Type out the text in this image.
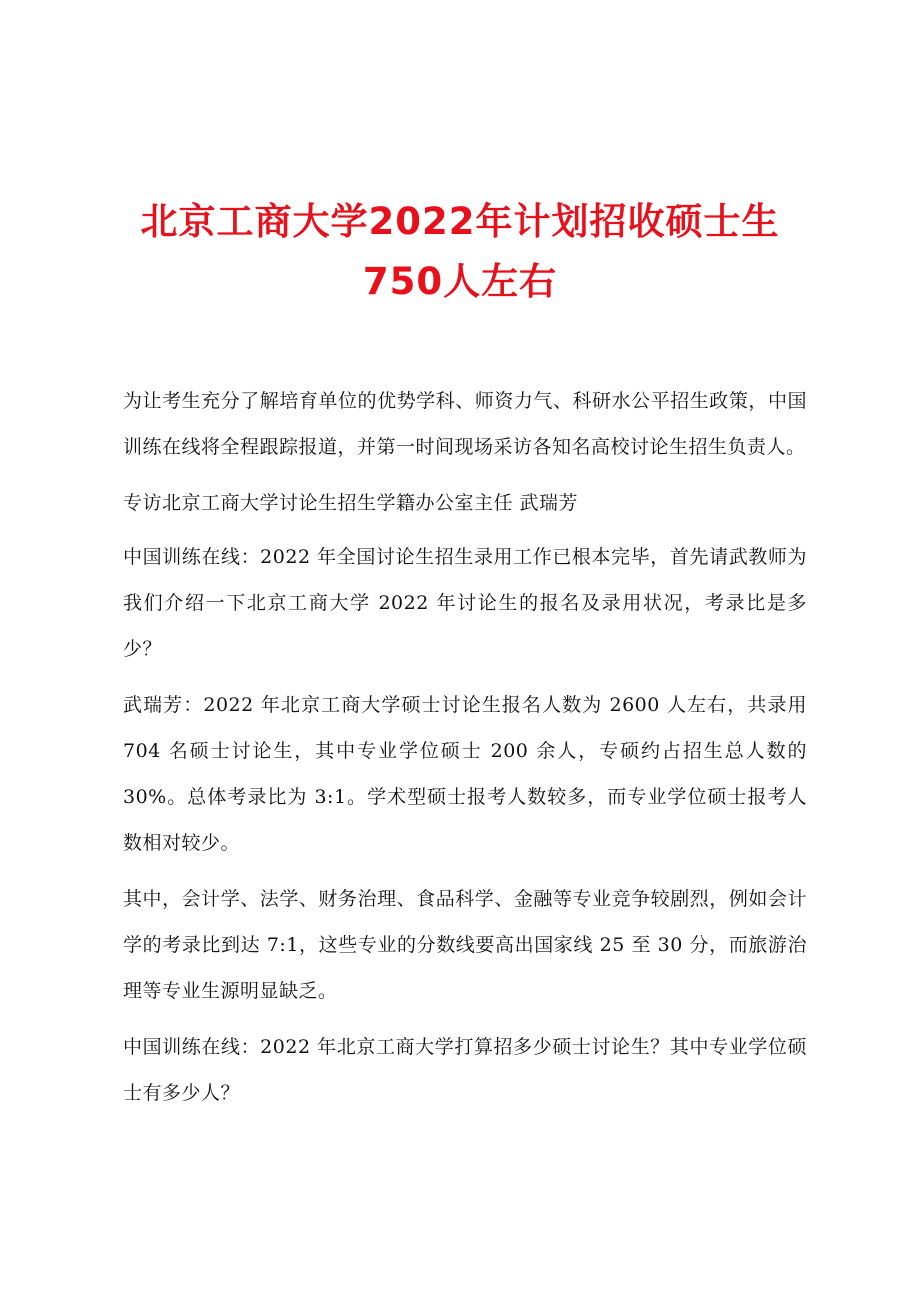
北京工商大学2022年计划招收硕士生750人左右

为让考生充分了解培育单位的优势学科、师资力气、科研水公平招生政策，中国训练在线将全程跟踪报道，并第一时间现场采访各知名高校讨论生招生负责人。

专访北京工商大学讨论生招生学籍办公室主任 武瑞芳

中国训练在线：2022 年全国讨论生招生录用工作已根本完毕，首先请武教师为我们介绍一下北京工商大学 2022 年讨论生的报名及录用状况，考录比是多少？

武瑞芳：2022 年北京工商大学硕士讨论生报名人数为 2600 人左右，共录用 704 名硕士讨论生，其中专业学位硕士 200 余人，专硕约占招生总人数的 30%。总体考录比为 3:1。学术型硕士报考人数较多，而专业学位硕士报考人数相对较少。

其中，会计学、法学、财务治理、食品科学、金融等专业竞争较剧烈，例如会计学的考录比到达 7:1，这些专业的分数线要高出国家线 25 至 30 分，而旅游治理等专业生源明显缺乏。

中国训练在线：2022 年北京工商大学打算招多少硕士讨论生？其中专业学位硕士有多少人？
